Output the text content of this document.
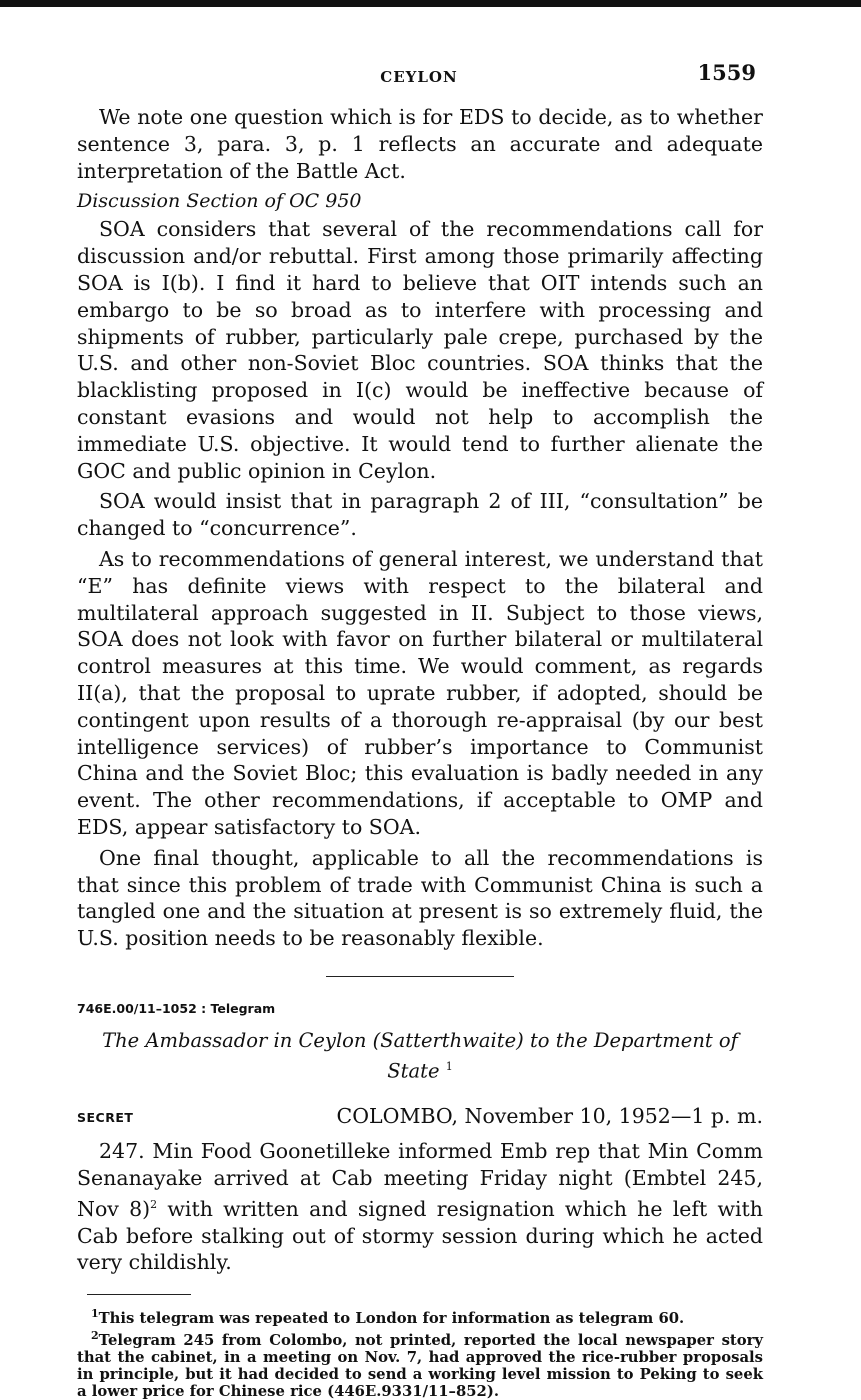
CEYLON	1559

We note one question which is for EDS to decide, as to whether sentence 3, para. 3, p. 1 reflects an accurate and adequate interpretation of the Battle Act.

Discussion Section of OC 950

SOA considers that several of the recommendations call for discussion and/or rebuttal. First among those primarily affecting SOA is I(b). I find it hard to believe that OIT intends such an embargo to be so broad as to interfere with processing and shipments of rubber, particularly pale crepe, purchased by the U.S. and other non-Soviet Bloc countries. SOA thinks that the blacklisting proposed in I(c) would be ineffective because of constant evasions and would not help to accomplish the immediate U.S. objective. It would tend to further alienate the GOC and public opinion in Ceylon.

SOA would insist that in paragraph 2 of III, “consultation” be changed to “concurrence”.

As to recommendations of general interest, we understand that “E” has definite views with respect to the bilateral and multilateral approach suggested in II. Subject to those views, SOA does not look with favor on further bilateral or multilateral control measures at this time. We would comment, as regards II(a), that the proposal to uprate rubber, if adopted, should be contingent upon results of a thorough re-appraisal (by our best intelligence services) of rubber’s importance to Communist China and the Soviet Bloc; this evaluation is badly needed in any event. The other recommendations, if acceptable to OMP and EDS, appear satisfactory to SOA.

One final thought, applicable to all the recommendations is that since this problem of trade with Communist China is such a tangled one and the situation at present is so extremely fluid, the U.S. position needs to be reasonably flexible.

746E.00/11–1052 : Telegram
The Ambassador in Ceylon (Satterthwaite) to the Department of State $^1$
SECRET	COLOMBO, November 10, 1952—1 p. m.

247. Min Food Goonetilleke informed Emb rep that Min Comm Senanayake arrived at Cab meeting Friday night (Embtel 245, Nov 8)$^2$ with written and signed resignation which he left with Cab before stalking out of stormy session during which he acted very childishly.

$^1$This telegram was repeated to London for information as telegram 60.

$^2$Telegram 245 from Colombo, not printed, reported the local newspaper story that the cabinet, in a meeting on Nov. 7, had approved the rice-rubber proposals in principle, but it had decided to send a working level mission to Peking to seek a lower price for Chinese rice (446E.9331/11–852).
